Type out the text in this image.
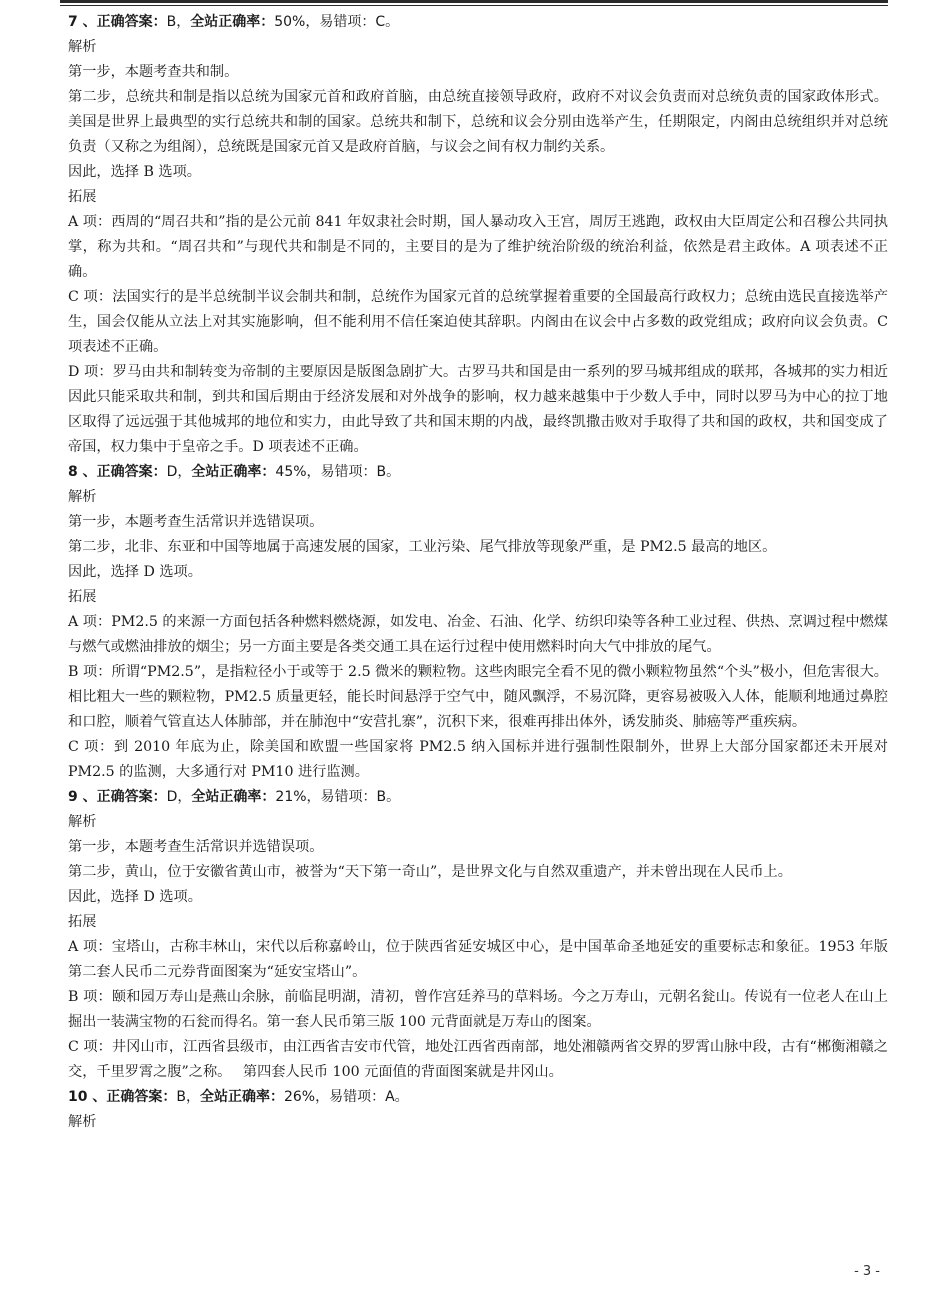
7 、正确答案：B，全站正确率：50%，易错项：C。
解析
第一步，本题考查共和制。
第二步，总统共和制是指以总统为国家元首和政府首脑，由总统直接领导政府，政府不对议会负责而对总统负责的国家政体形式。美国是世界上最典型的实行总统共和制的国家。总统共和制下，总统和议会分别由选举产生，任期限定，内阁由总统组织并对总统负责（又称之为组阁），总统既是国家元首又是政府首脑，与议会之间有权力制约关系。
因此，选择 B 选项。
拓展
A 项：西周的“周召共和”指的是公元前 841 年奴隶社会时期，国人暴动攻入王宫，周厉王逃跑，政权由大臣周定公和召穆公共同执掌，称为共和。“周召共和”与现代共和制是不同的，主要目的是为了维护统治阶级的统治利益，依然是君主政体。A 项表述不正确。
C 项：法国实行的是半总统制半议会制共和制，总统作为国家元首的总统掌握着重要的全国最高行政权力；总统由选民直接选举产生，国会仅能从立法上对其实施影响，但不能利用不信任案迫使其辞职。内阁由在议会中占多数的政党组成；政府向议会负责。C 项表述不正确。
D 项：罗马由共和制转变为帝制的主要原因是版图急剧扩大。古罗马共和国是由一系列的罗马城邦组成的联邦，各城邦的实力相近因此只能采取共和制，到共和国后期由于经济发展和对外战争的影响，权力越来越集中于少数人手中，同时以罗马为中心的拉丁地区取得了远远强于其他城邦的地位和实力，由此导致了共和国末期的内战，最终凯撒击败对手取得了共和国的政权，共和国变成了帝国，权力集中于皇帝之手。D 项表述不正确。
8 、正确答案：D，全站正确率：45%，易错项：B。
解析
第一步，本题考查生活常识并选错误项。
第二步，北非、东亚和中国等地属于高速发展的国家，工业污染、尾气排放等现象严重，是 PM2.5 最高的地区。
因此，选择 D 选项。
拓展
A 项：PM2.5 的来源一方面包括各种燃料燃烧源，如发电、冶金、石油、化学、纺织印染等各种工业过程、供热、烹调过程中燃煤与燃气或燃油排放的烟尘；另一方面主要是各类交通工具在运行过程中使用燃料时向大气中排放的尾气。
B 项：所谓“PM2.5”，是指粒径小于或等于 2.5 微米的颗粒物。这些肉眼完全看不见的微小颗粒物虽然“个头”极小，但危害很大。相比粗大一些的颗粒物，PM2.5 质量更轻，能长时间悬浮于空气中，随风飘浮，不易沉降，更容易被吸入人体，能顺利地通过鼻腔和口腔，顺着气管直达人体肺部，并在肺泡中“安营扎寨”，沉积下来，很难再排出体外，诱发肺炎、肺癌等严重疾病。
C 项：到 2010 年底为止，除美国和欧盟一些国家将 PM2.5 纳入国标并进行强制性限制外，世界上大部分国家都还未开展对 PM2.5 的监测，大多通行对 PM10 进行监测。
9 、正确答案：D，全站正确率：21%，易错项：B。
解析
第一步，本题考查生活常识并选错误项。
第二步，黄山，位于安徽省黄山市，被誉为“天下第一奇山”，是世界文化与自然双重遗产，并未曾出现在人民币上。
因此，选择 D 选项。
拓展
A 项：宝塔山，古称丰林山，宋代以后称嘉岭山，位于陕西省延安城区中心，是中国革命圣地延安的重要标志和象征。1953 年版第二套人民币二元券背面图案为“延安宝塔山”。
B 项：颐和园万寿山是燕山余脉，前临昆明湖，清初，曾作宫廷养马的草料场。今之万寿山，元朝名瓮山。传说有一位老人在山上掘出一装满宝物的石瓮而得名。第一套人民币第三版 100 元背面就是万寿山的图案。
C 项：井冈山市，江西省县级市，由江西省吉安市代管，地处江西省西南部，地处湘赣两省交界的罗霄山脉中段，古有“郴衡湘赣之交，千里罗霄之腹”之称。　 第四套人民币 100 元面值的背面图案就是井冈山。
10 、正确答案：B，全站正确率：26%，易错项：A。
解析
- 3 -
